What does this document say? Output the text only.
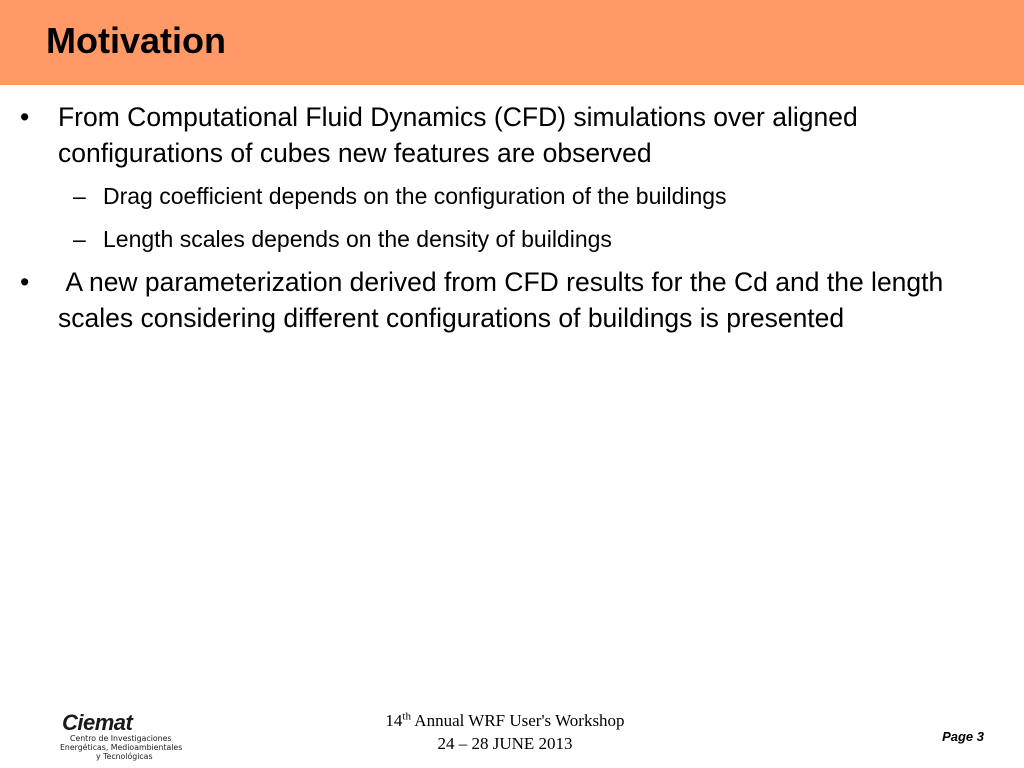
Motivation
• From Computational Fluid Dynamics (CFD) simulations over aligned configurations of cubes new features are observed
– Drag coefficient depends on the configuration of the buildings
– Length scales depends on the density of buildings
• A new parameterization derived from CFD results for the Cd and the length scales considering different configurations of buildings is presented
Ciemat
Centro de Investigaciones
Energéticas, Medioambientales
y Tecnológicas
14th Annual WRF User's Workshop
24 – 28 JUNE 2013	Page 3
